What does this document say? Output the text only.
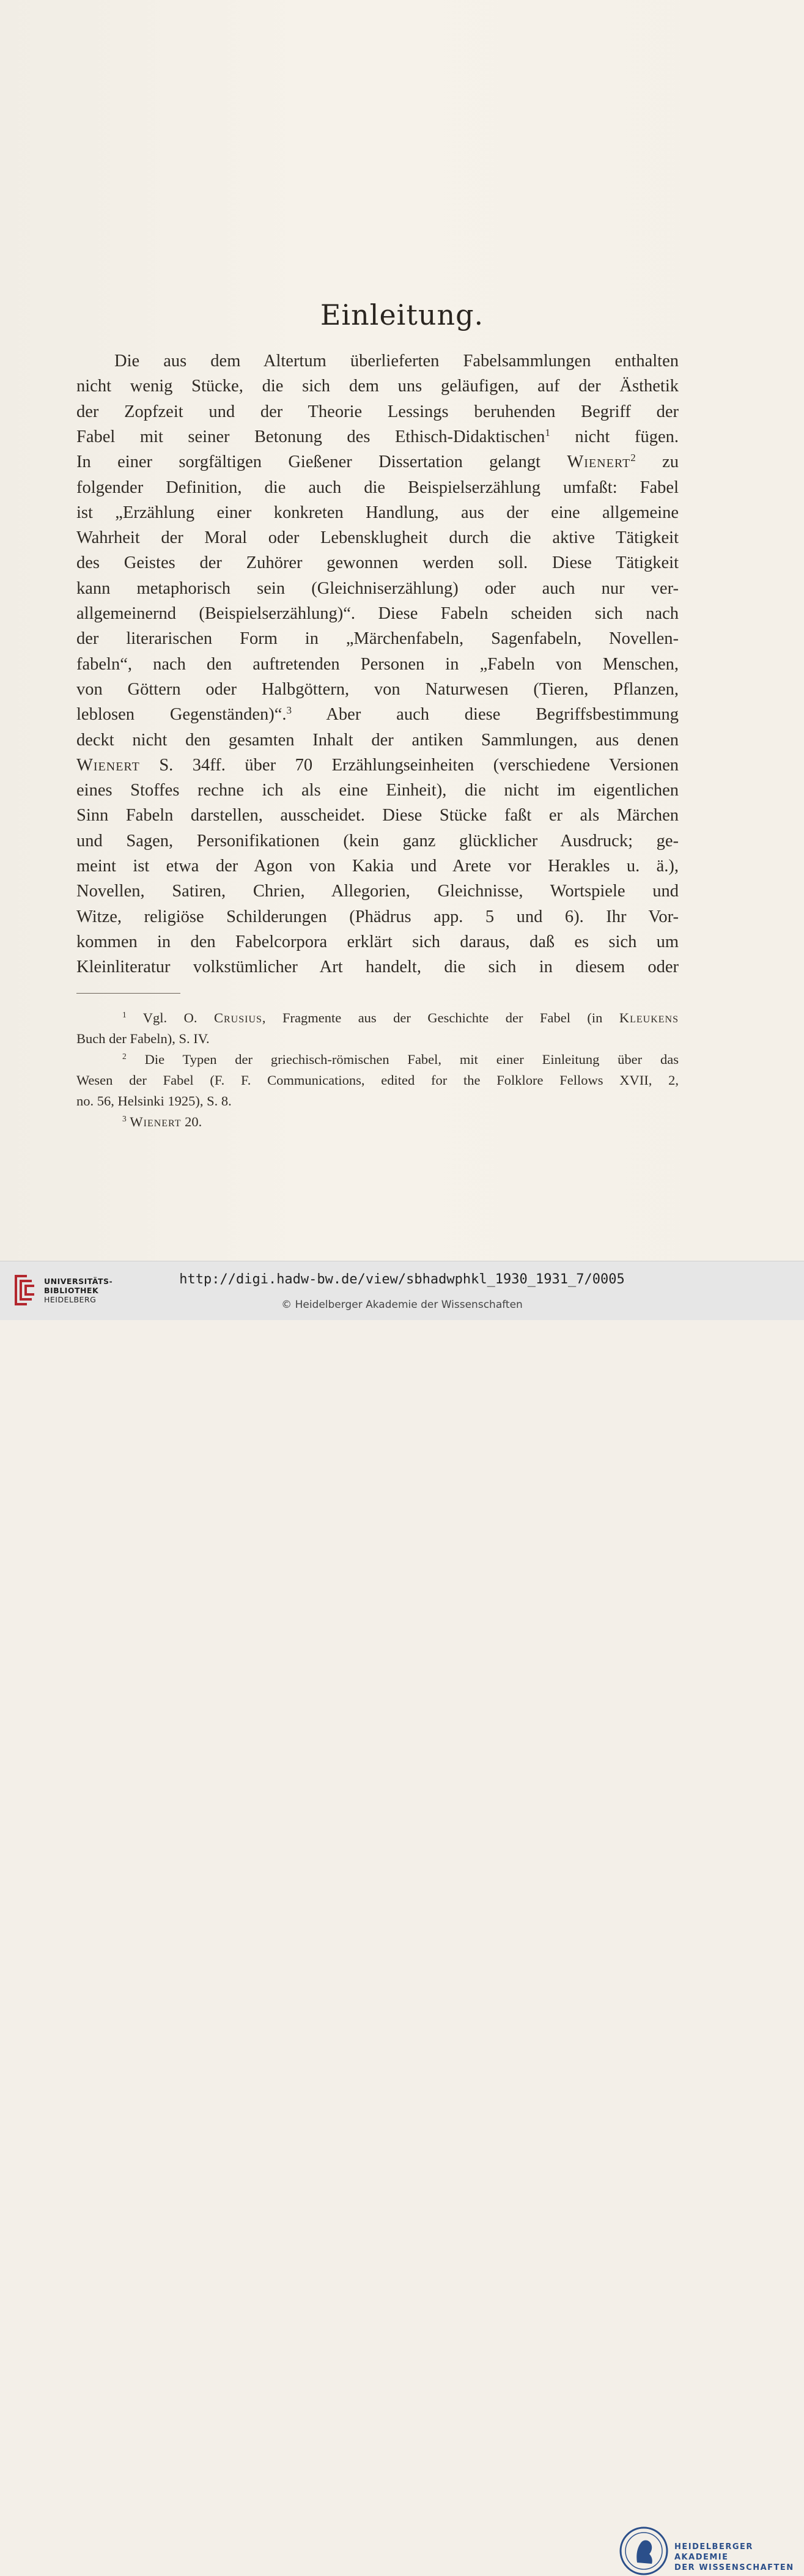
Einleitung.
Die aus dem Altertum überlieferten Fabelsammlungen enthalten
nicht wenig Stücke, die sich dem uns geläufigen, auf der Ästhetik
der Zopfzeit und der Theorie Lessings beruhenden Begriff der
Fabel mit seiner Betonung des Ethisch-Didaktischen$^1$ nicht fügen.
In einer sorgfältigen Gießener Dissertation gelangt Wienert$^2$ zu
folgender Definition, die auch die Beispielserzählung umfaßt: Fabel
ist „Erzählung einer konkreten Handlung, aus der eine allgemeine
Wahrheit der Moral oder Lebensklugheit durch die aktive Tätigkeit
des Geistes der Zuhörer gewonnen werden soll. Diese Tätigkeit
kann metaphorisch sein (Gleichniserzählung) oder auch nur ver-
allgemeinernd (Beispielserzählung)“. Diese Fabeln scheiden sich nach
der literarischen Form in „Märchenfabeln, Sagenfabeln, Novellen-
fabeln“, nach den auftretenden Personen in „Fabeln von Menschen,
von Göttern oder Halbgöttern, von Naturwesen (Tieren, Pflanzen,
leblosen Gegenständen)“.$^3$ Aber auch diese Begriffsbestimmung
deckt nicht den gesamten Inhalt der antiken Sammlungen, aus denen
Wienert S. 34ff. über 70 Erzählungseinheiten (verschiedene Versionen
eines Stoffes rechne ich als eine Einheit), die nicht im eigentlichen
Sinn Fabeln darstellen, ausscheidet. Diese Stücke faßt er als Märchen
und Sagen, Personifikationen (kein ganz glücklicher Ausdruck; ge-
meint ist etwa der Agon von Kakia und Arete vor Herakles u. ä.),
Novellen, Satiren, Chrien, Allegorien, Gleichnisse, Wortspiele und
Witze, religiöse Schilderungen (Phädrus app. 5 und 6). Ihr Vor-
kommen in den Fabelcorpora erklärt sich daraus, daß es sich um
Kleinliteratur volkstümlicher Art handelt, die sich in diesem oder
$^1$ Vgl. O. Crusius, Fragmente aus der Geschichte der Fabel (in Kleukens
Buch der Fabeln), S. IV.
$^2$ Die Typen der griechisch-römischen Fabel, mit einer Einleitung über das
Wesen der Fabel (F. F. Communications, edited for the Folklore Fellows XVII, 2,
no. 56, Helsinki 1925), S. 8.
$^3$ Wienert 20.
UNIVERSITÄTS-
BIBLIOTHEK
HEIDELBERG
HEIDELBERGER AKADEMIE
DER WISSENSCHAFTEN
http://digi.hadw-bw.de/view/sbhadwphkl_1930_1931_7/0005
© Heidelberger Akademie der Wissenschaften
